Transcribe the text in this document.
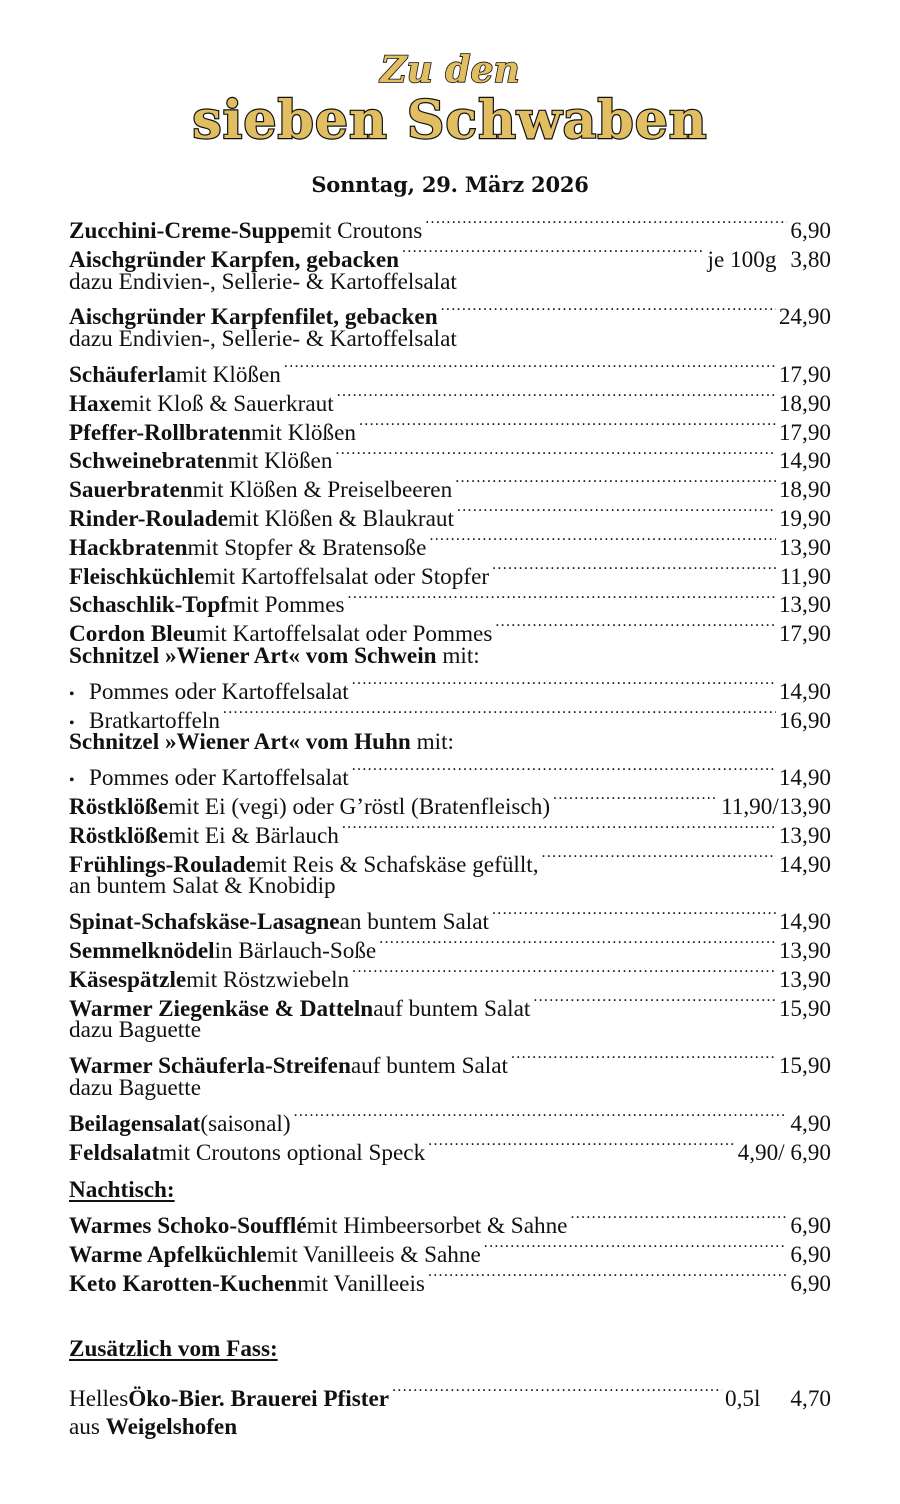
Zu den
sieben Schwaben
Sonntag, 29. März 2026
Zucchini-Creme-Suppe mit Croutons .....	6,90
Aischgründer Karpfen, gebacken .....	je 100g 3,80
dazu Endivien-, Sellerie- & Kartoffelsalat
Aischgründer Karpfenfilet, gebacken .....	24,90
dazu Endivien-, Sellerie- & Kartoffelsalat
Schäuferla mit Klößen .....	17,90
Haxe mit Kloß & Sauerkraut .....	18,90
Pfeffer-Rollbraten mit Klößen .....	17,90
Schweinebraten mit Klößen .....	14,90
Sauerbraten mit Klößen & Preiselbeeren .....	18,90
Rinder-Roulade mit Klößen & Blaukraut .....	19,90
Hackbraten mit Stopfer & Bratensoße .....	13,90
Fleischküchle mit Kartoffelsalat oder Stopfer .....	11,90
Schaschlik-Topf mit Pommes .....	13,90
Cordon Bleu mit Kartoffelsalat oder Pommes .....	17,90
Schnitzel »Wiener Art« vom Schwein mit:
• Pommes oder Kartoffelsalat .....	14,90
• Bratkartoffeln .....	16,90
Schnitzel »Wiener Art« vom Huhn mit:
• Pommes oder Kartoffelsalat .....	14,90
Röstklöße mit Ei (vegi) oder G’röstl (Bratenfleisch) .....	11,90/13,90
Röstklöße mit Ei & Bärlauch .....	13,90
Frühlings-Roulade mit Reis & Schafskäse gefüllt, .....	14,90
an buntem Salat & Knobidip
Spinat-Schafskäse-Lasagne an buntem Salat .....	14,90
Semmelknödel in Bärlauch-Soße .....	13,90
Käsespätzle mit Röstzwiebeln .....	13,90
Warmer Ziegenkäse & Datteln auf buntem Salat .....	15,90
dazu Baguette
Warmer Schäuferla-Streifen auf buntem Salat .....	15,90
dazu Baguette
Beilagensalat (saisonal) .....	4,90
Feldsalat mit Croutons optional Speck .....	4,90/ 6,90
Nachtisch:
Warmes Schoko-Soufflé mit Himbeersorbet & Sahne .....	6,90
Warme Apfelküchle mit Vanilleeis & Sahne .....	6,90
Keto Karotten-Kuchen mit Vanilleeis .....	6,90
Zusätzlich vom Fass:
Helles Öko-Bier. Brauerei Pfister .....	0,5l 4,70
aus Weigelshofen
